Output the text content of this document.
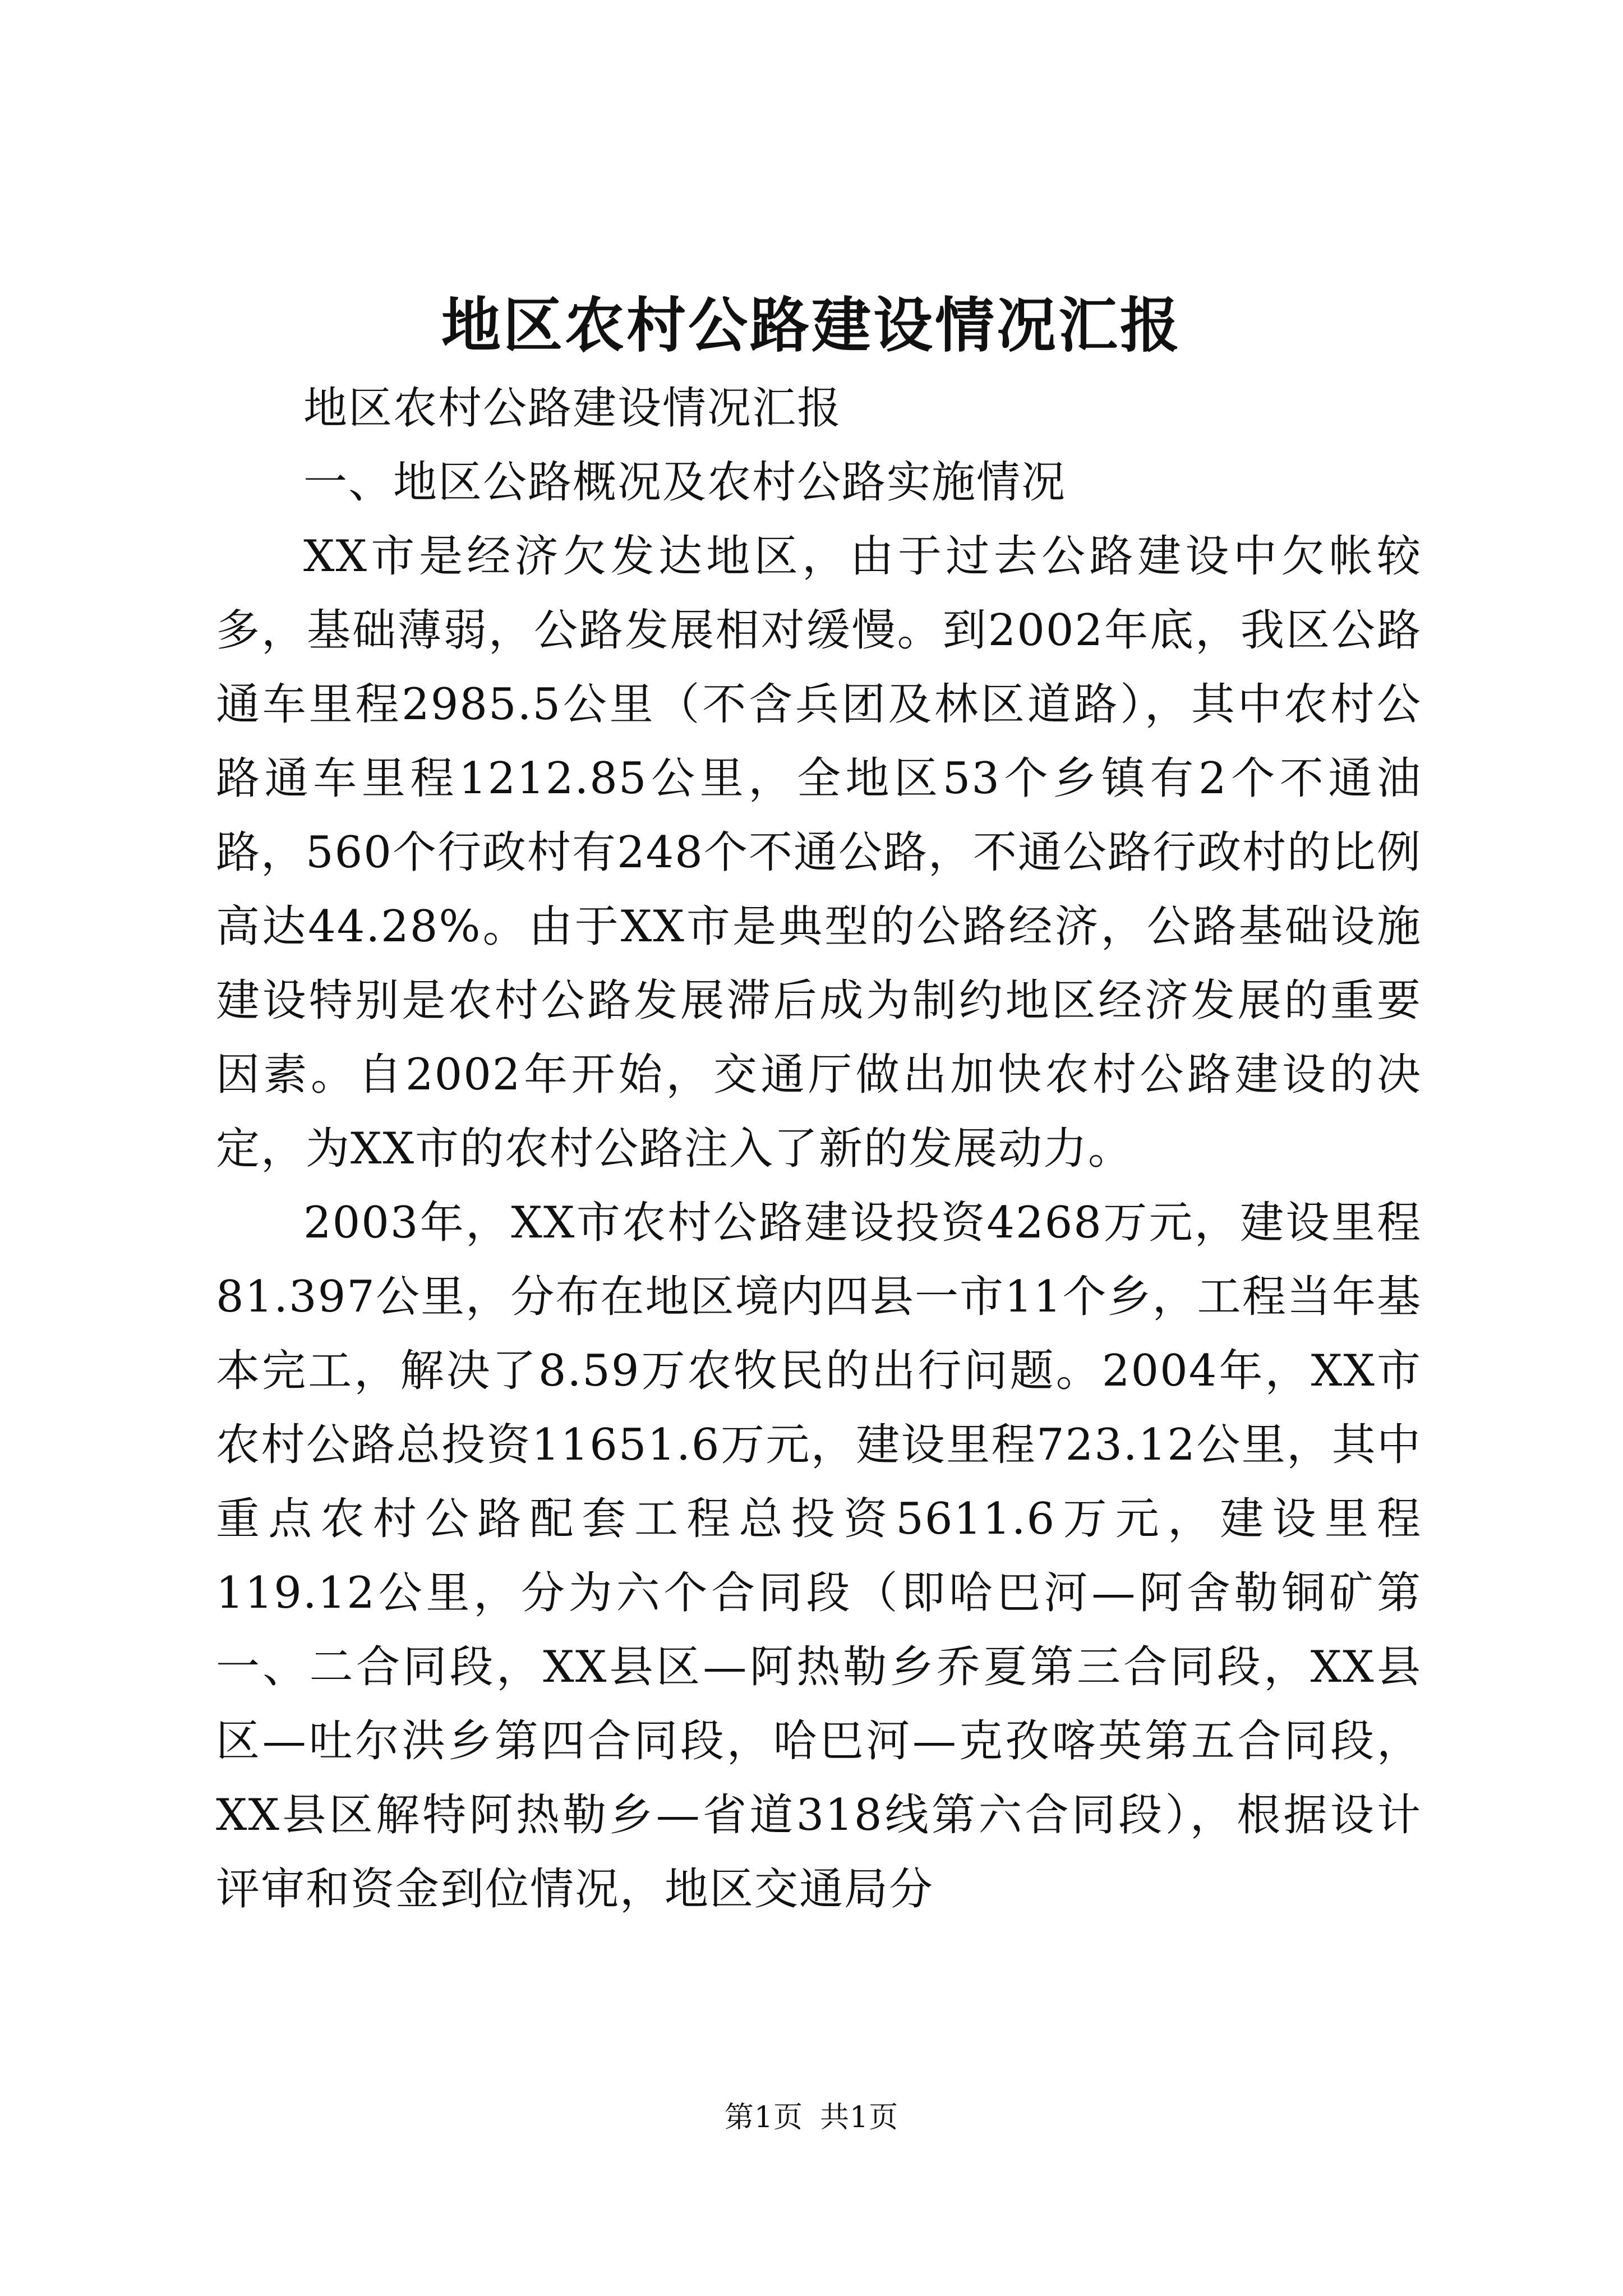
地区农村公路建设情况汇报

地区农村公路建设情况汇报

一、地区公路概况及农村公路实施情况

XX市是经济欠发达地区，由于过去公路建设中欠帐较多，基础薄弱，公路发展相对缓慢。到2002年底，我区公路通车里程2985.5公里（不含兵团及林区道路），其中农村公路通车里程1212.85公里，全地区53个乡镇有2个不通油路，560个行政村有248个不通公路，不通公路行政村的比例高达44.28%。由于XX市是典型的公路经济，公路基础设施建设特别是农村公路发展滞后成为制约地区经济发展的重要因素。自2002年开始，交通厅做出加快农村公路建设的决定，为XX市的农村公路注入了新的发展动力。

2003年，XX市农村公路建设投资4268万元，建设里程81.397公里，分布在地区境内四县一市11个乡，工程当年基本完工，解决了8.59万农牧民的出行问题。2004年，XX市农村公路总投资11651.6万元，建设里程723.12公里，其中重点农村公路配套工程总投资5611.6万元，建设里程119.12公里，分为六个合同段（即哈巴河—阿舍勒铜矿第一、二合同段，XX县区—阿热勒乡乔夏第三合同段，XX县区—吐尔洪乡第四合同段，哈巴河—克孜喀英第五合同段，XX县区解特阿热勒乡—省道318线第六合同段），根据设计评审和资金到位情况，地区交通局分

第1页 共1页
